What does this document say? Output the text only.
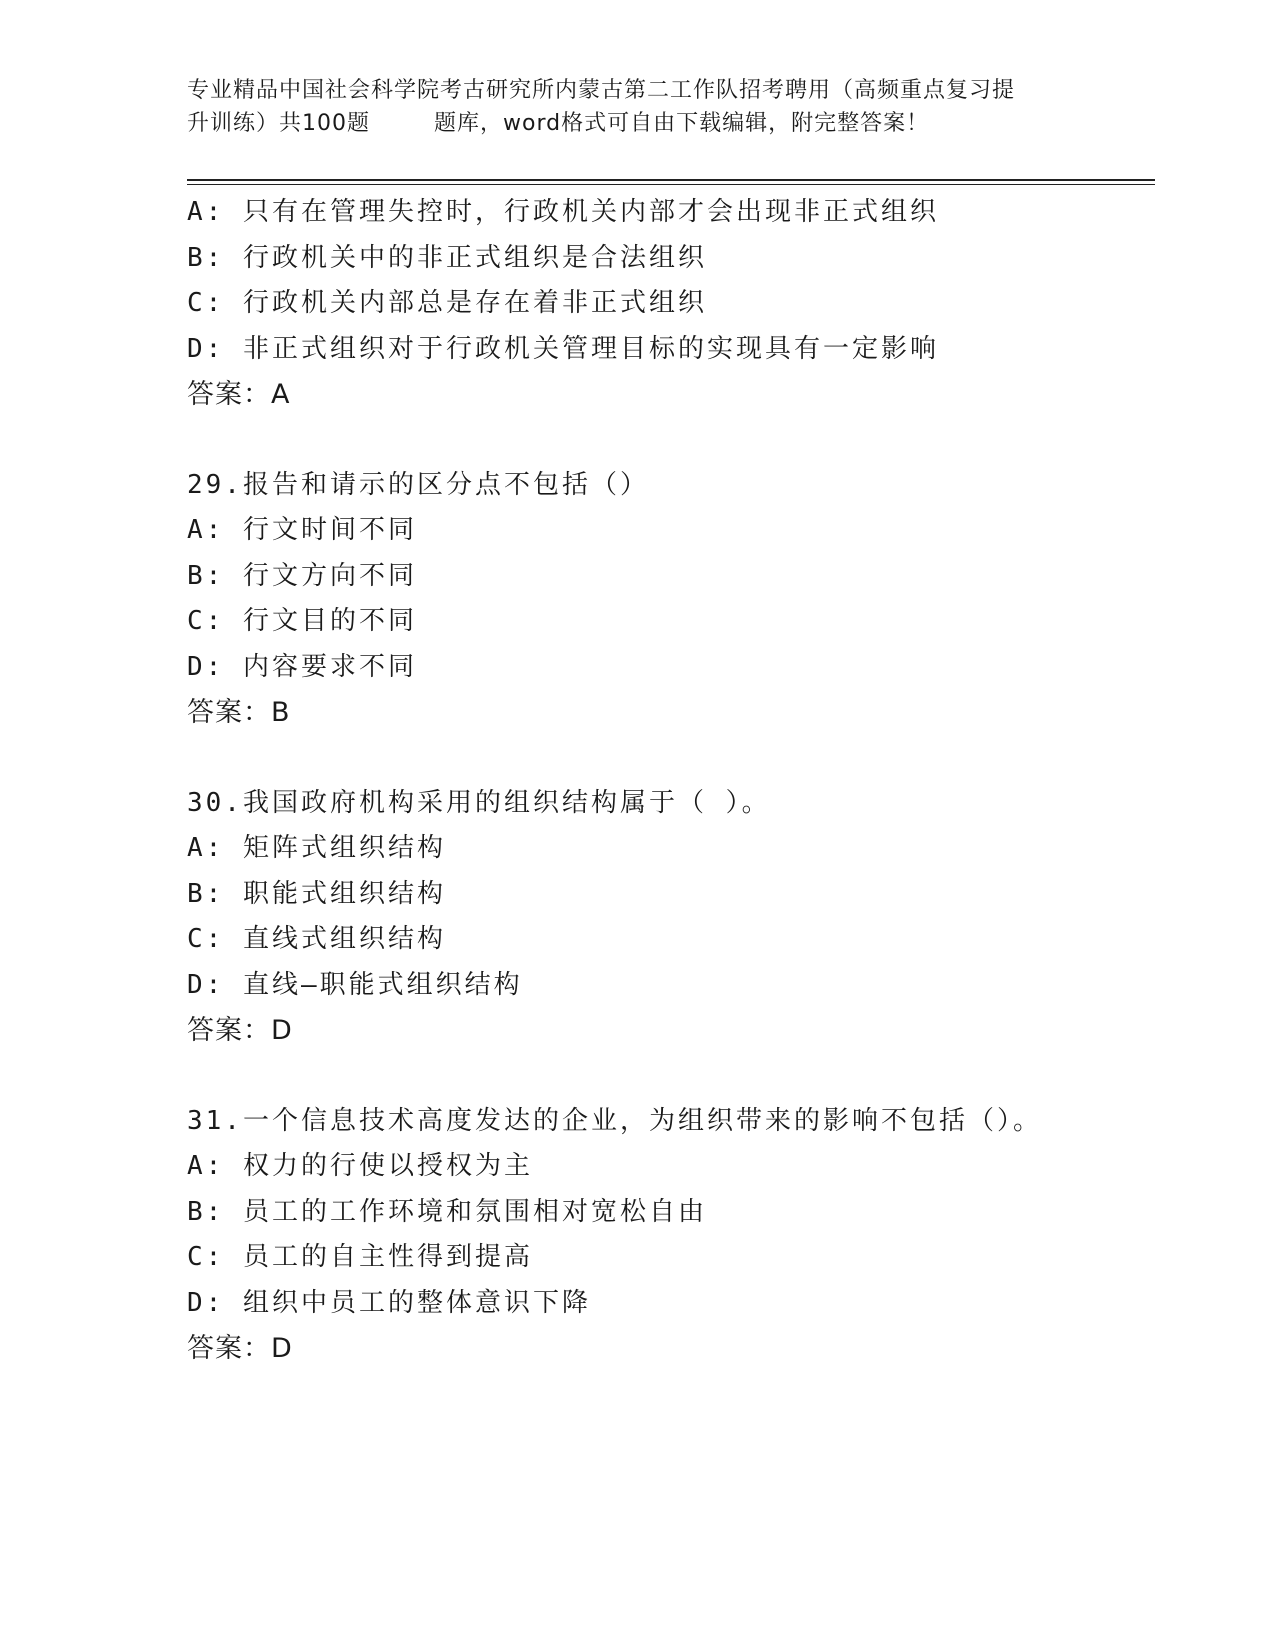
专业精品中国社会科学院考古研究所内蒙古第二工作队招考聘用（高频重点复习提
升训练）共100题	题库，word格式可自由下载编辑，附完整答案！
A: 只有在管理失控时，行政机关内部才会出现非正式组织
B: 行政机关中的非正式组织是合法组织
C: 行政机关内部总是存在着非正式组织
D: 非正式组织对于行政机关管理目标的实现具有一定影响
答案：A
29.报告和请示的区分点不包括（）
A: 行文时间不同
B: 行文方向不同
C: 行文目的不同
D: 内容要求不同
答案：B
30.我国政府机构采用的组织结构属于（ ）。
A: 矩阵式组织结构
B: 职能式组织结构
C: 直线式组织结构
D: 直线—职能式组织结构
答案：D
31.一个信息技术高度发达的企业，为组织带来的影响不包括（）。
A: 权力的行使以授权为主
B: 员工的工作环境和氛围相对宽松自由
C: 员工的自主性得到提高
D: 组织中员工的整体意识下降
答案：D
